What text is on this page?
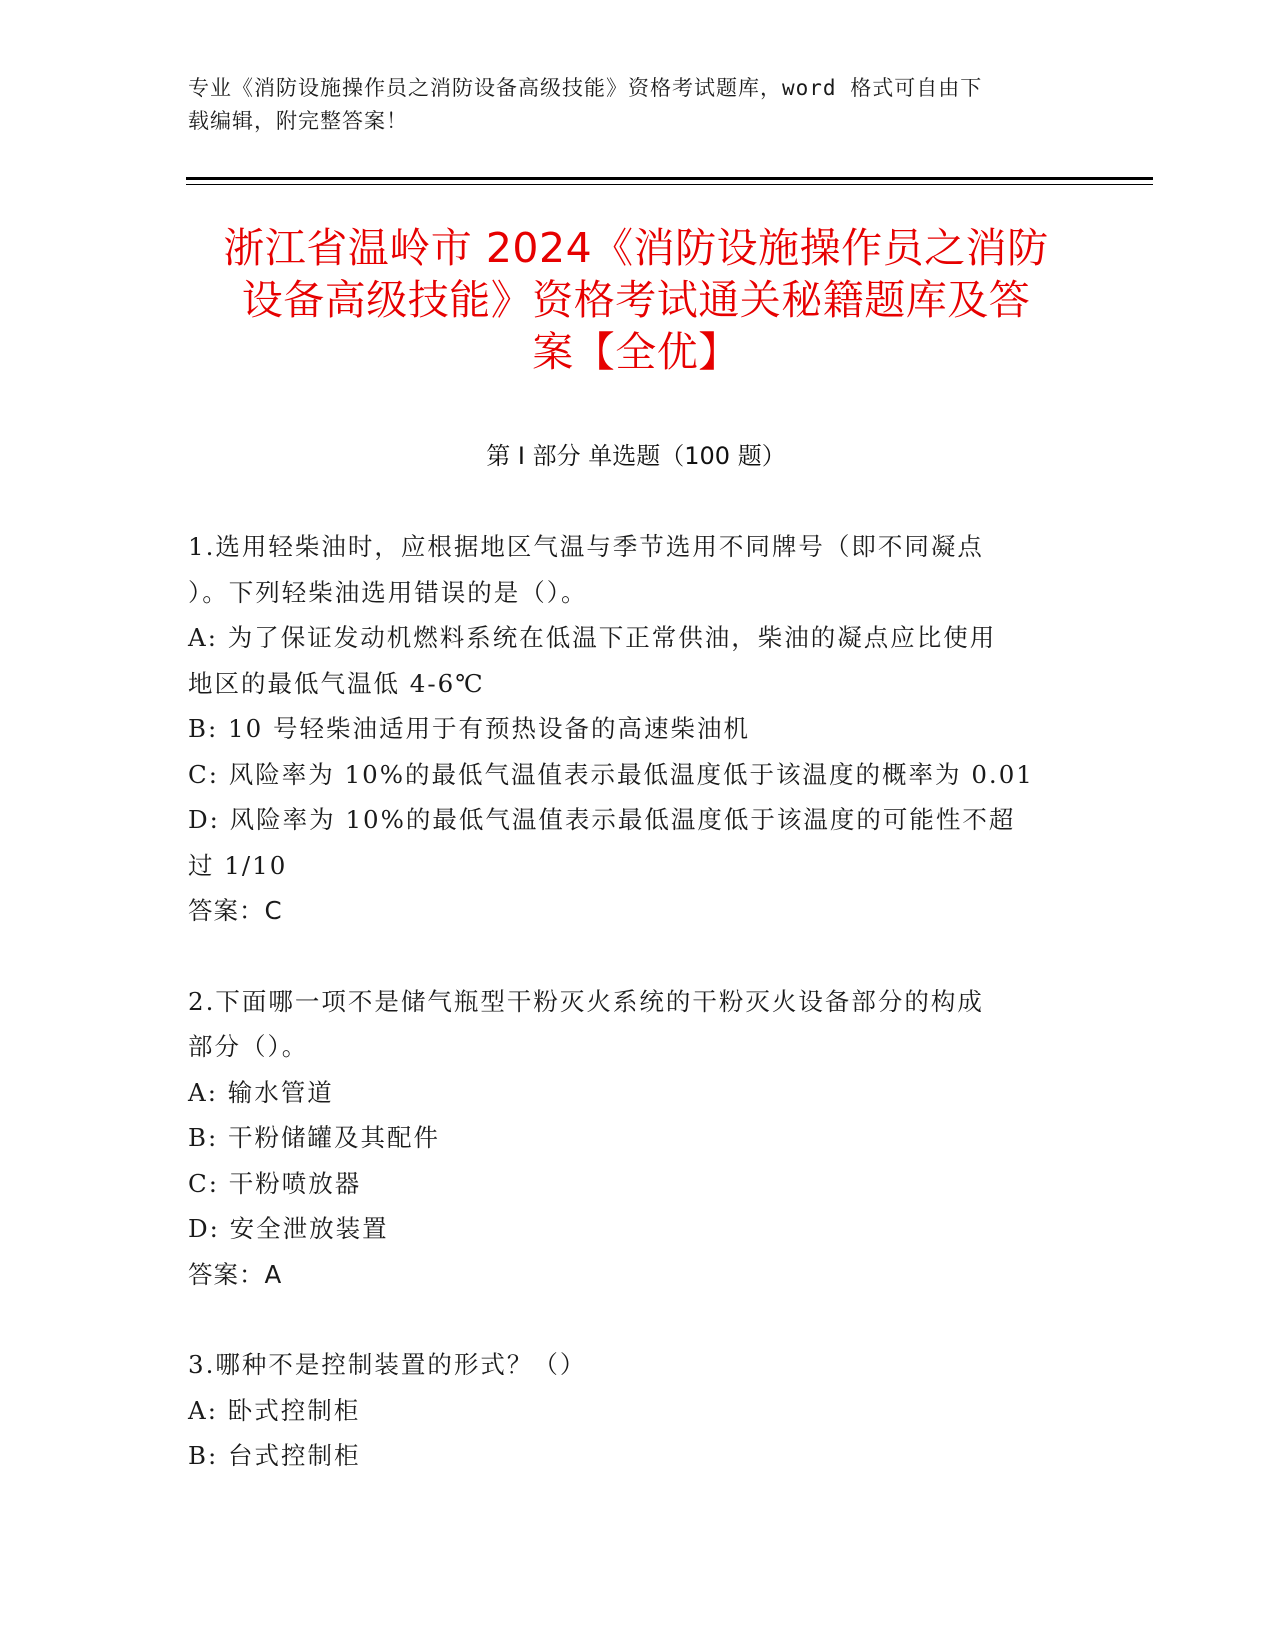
专业《消防设施操作员之消防设备高级技能》资格考试题库，word 格式可自由下
载编辑，附完整答案！
浙江省温岭市 2024《消防设施操作员之消防
设备高级技能》资格考试通关秘籍题库及答
案【全优】
第 I 部分 单选题（100 题）
1.选用轻柴油时，应根据地区气温与季节选用不同牌号（即不同凝点
）。下列轻柴油选用错误的是（）。
A: 为了保证发动机燃料系统在低温下正常供油，柴油的凝点应比使用
地区的最低气温低 4-6℃
B: 10 号轻柴油适用于有预热设备的高速柴油机
C: 风险率为 10%的最低气温值表示最低温度低于该温度的概率为 0.01
D: 风险率为 10%的最低气温值表示最低温度低于该温度的可能性不超
过 1/10
答案：C
2.下面哪一项不是储气瓶型干粉灭火系统的干粉灭火设备部分的构成
部分（）。
A: 输水管道
B: 干粉储罐及其配件
C: 干粉喷放器
D: 安全泄放装置
答案：A
3.哪种不是控制装置的形式？（）
A: 卧式控制柜
B: 台式控制柜
